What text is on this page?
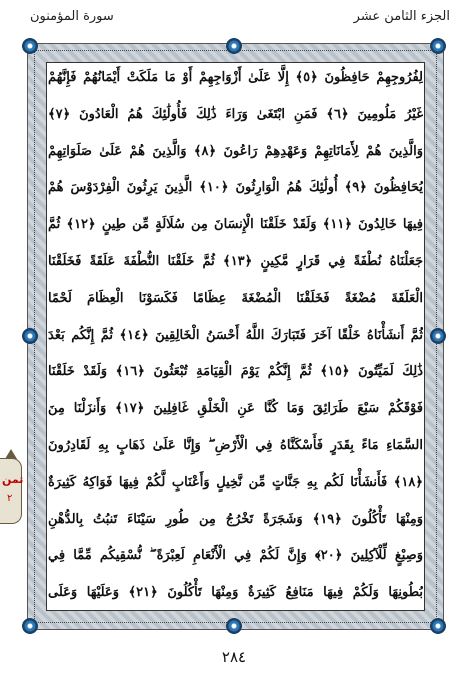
سورة المؤمنون	الجزء الثامن عشر
لِفُرُوجِهِمْ حَافِظُونَ ﴿٥﴾ إِلَّا عَلَىٰ أَزْوَاجِهِمْ أَوْ مَا مَلَكَتْ أَيْمَانُهُمْ فَإِنَّهُمْ
غَيْرُ مَلُومِينَ ﴿٦﴾ فَمَنِ ابْتَغَىٰ وَرَاءَ ذَٰلِكَ فَأُولَٰئِكَ هُمُ الْعَادُونَ ﴿٧﴾
وَالَّذِينَ هُمْ لِأَمَانَاتِهِمْ وَعَهْدِهِمْ رَاعُونَ ﴿٨﴾ وَالَّذِينَ هُمْ عَلَىٰ صَلَوَاتِهِمْ
يُحَافِظُونَ ﴿٩﴾ أُولَٰئِكَ هُمُ الْوَارِثُونَ ﴿١٠﴾ الَّذِينَ يَرِثُونَ الْفِرْدَوْسَ هُمْ
فِيهَا خَالِدُونَ ﴿١١﴾ وَلَقَدْ خَلَقْنَا الْإِنسَانَ مِن سُلَالَةٍ مِّن طِينٍ ﴿١٢﴾ ثُمَّ
جَعَلْنَاهُ نُطْفَةً فِي قَرَارٍ مَّكِينٍ ﴿١٣﴾ ثُمَّ خَلَقْنَا النُّطْفَةَ عَلَقَةً فَخَلَقْنَا
الْعَلَقَةَ مُضْغَةً فَخَلَقْنَا الْمُضْغَةَ عِظَامًا فَكَسَوْنَا الْعِظَامَ لَحْمًا
ثُمَّ أَنشَأْنَاهُ خَلْقًا آخَرَ فَتَبَارَكَ اللَّهُ أَحْسَنُ الْخَالِقِينَ ﴿١٤﴾ ثُمَّ إِنَّكُم بَعْدَ
ذَٰلِكَ لَمَيِّتُونَ ﴿١٥﴾ ثُمَّ إِنَّكُمْ يَوْمَ الْقِيَامَةِ تُبْعَثُونَ ﴿١٦﴾ وَلَقَدْ خَلَقْنَا
فَوْقَكُمْ سَبْعَ طَرَائِقَ وَمَا كُنَّا عَنِ الْخَلْقِ غَافِلِينَ ﴿١٧﴾ وَأَنزَلْنَا مِنَ
السَّمَاءِ مَاءً بِقَدَرٍ فَأَسْكَنَّاهُ فِي الْأَرْضِ ۖ وَإِنَّا عَلَىٰ ذَهَابٍ بِهِ لَقَادِرُونَ
﴿١٨﴾ فَأَنشَأْنَا لَكُم بِهِ جَنَّاتٍ مِّن نَّخِيلٍ وَأَعْنَابٍ لَّكُمْ فِيهَا فَوَاكِهُ كَثِيرَةٌ
وَمِنْهَا تَأْكُلُونَ ﴿١٩﴾ وَشَجَرَةً تَخْرُجُ مِن طُورِ سَيْنَاءَ تَنبُتُ بِالدُّهْنِ
وَصِبْغٍ لِّلْآكِلِينَ ﴿٢٠﴾ وَإِنَّ لَكُمْ فِي الْأَنْعَامِ لَعِبْرَةً ۖ نُّسْقِيكُم مِّمَّا فِي
بُطُونِهَا وَلَكُمْ فِيهَا مَنَافِعُ كَثِيرَةٌ وَمِنْهَا تَأْكُلُونَ ﴿٢١﴾ وَعَلَيْهَا وَعَلَى
ثمن
٢
٢٨٤
